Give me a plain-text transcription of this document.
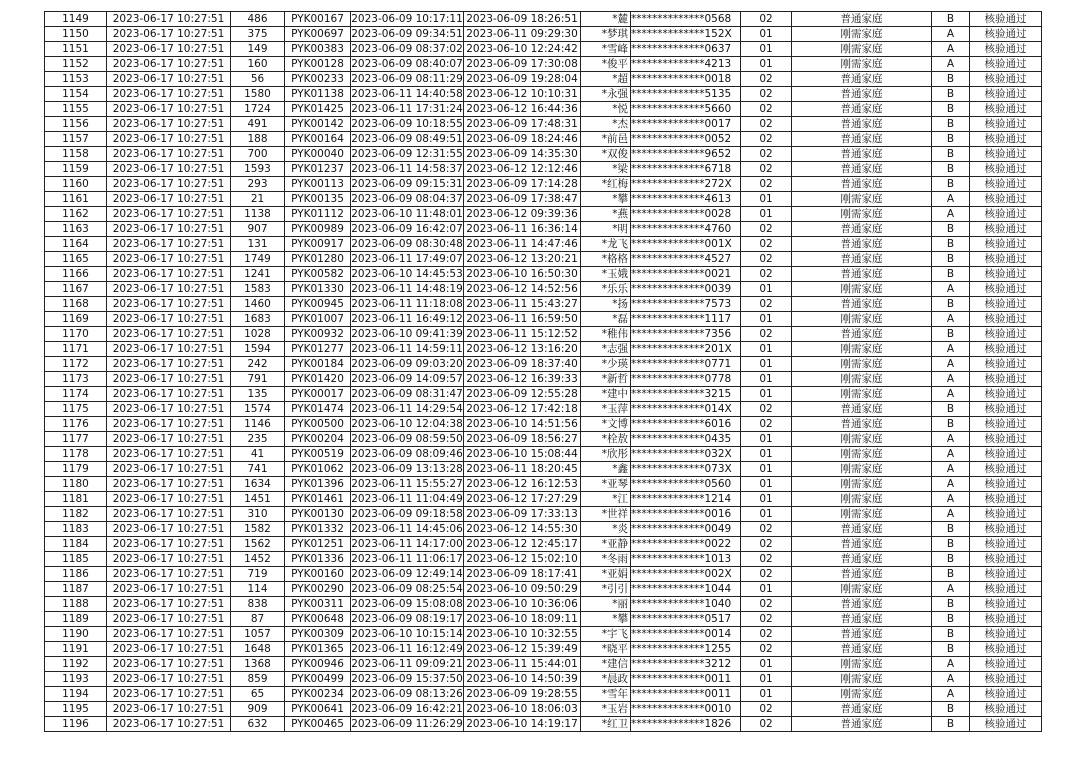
1149	2023-06-17 10:27:51	486	PYK00167	2023-06-09 10:17:11	2023-06-09 18:26:51	*麓	**************0568	02	普通家庭	B	核验通过
1150	2023-06-17 10:27:51	375	PYK00697	2023-06-09 09:34:51	2023-06-11 09:29:30	*梦琪	**************152X	01	刚需家庭	A	核验通过
1151	2023-06-17 10:27:51	149	PYK00383	2023-06-09 08:37:02	2023-06-10 12:24:42	*雪峰	**************0637	01	刚需家庭	A	核验通过
1152	2023-06-17 10:27:51	160	PYK00128	2023-06-09 08:40:07	2023-06-09 17:30:08	*俊平	**************4213	01	刚需家庭	A	核验通过
1153	2023-06-17 10:27:51	56	PYK00233	2023-06-09 08:11:29	2023-06-09 19:28:04	*超	**************0018	02	普通家庭	B	核验通过
1154	2023-06-17 10:27:51	1580	PYK01138	2023-06-11 14:40:58	2023-06-12 10:10:31	*永强	**************5135	02	普通家庭	B	核验通过
1155	2023-06-17 10:27:51	1724	PYK01425	2023-06-11 17:31:24	2023-06-12 16:44:36	*悦	**************5660	02	普通家庭	B	核验通过
1156	2023-06-17 10:27:51	491	PYK00142	2023-06-09 10:18:55	2023-06-09 17:48:31	*杰	**************0017	02	普通家庭	B	核验通过
1157	2023-06-17 10:27:51	188	PYK00164	2023-06-09 08:49:51	2023-06-09 18:24:46	*前邑	**************0052	02	普通家庭	B	核验通过
1158	2023-06-17 10:27:51	700	PYK00040	2023-06-09 12:31:55	2023-06-09 14:35:30	*双俊	**************9652	02	普通家庭	B	核验通过
1159	2023-06-17 10:27:51	1593	PYK01237	2023-06-11 14:58:37	2023-06-12 12:12:46	*梁	**************6718	02	普通家庭	B	核验通过
1160	2023-06-17 10:27:51	293	PYK00113	2023-06-09 09:15:31	2023-06-09 17:14:28	*红梅	**************272X	02	普通家庭	B	核验通过
1161	2023-06-17 10:27:51	21	PYK00135	2023-06-09 08:04:37	2023-06-09 17:38:47	*攀	**************4613	01	刚需家庭	A	核验通过
1162	2023-06-17 10:27:51	1138	PYK01112	2023-06-10 11:48:01	2023-06-12 09:39:36	*燕	**************0028	01	刚需家庭	A	核验通过
1163	2023-06-17 10:27:51	907	PYK00989	2023-06-09 16:42:07	2023-06-11 16:36:14	*明	**************4760	02	普通家庭	B	核验通过
1164	2023-06-17 10:27:51	131	PYK00917	2023-06-09 08:30:48	2023-06-11 14:47:46	*龙飞	**************001X	02	普通家庭	B	核验通过
1165	2023-06-17 10:27:51	1749	PYK01280	2023-06-11 17:49:07	2023-06-12 13:20:21	*格格	**************4527	02	普通家庭	B	核验通过
1166	2023-06-17 10:27:51	1241	PYK00582	2023-06-10 14:45:53	2023-06-10 16:50:30	*玉娥	**************0021	02	普通家庭	B	核验通过
1167	2023-06-17 10:27:51	1583	PYK01330	2023-06-11 14:48:19	2023-06-12 14:52:56	*乐乐	**************0039	01	刚需家庭	A	核验通过
1168	2023-06-17 10:27:51	1460	PYK00945	2023-06-11 11:18:08	2023-06-11 15:43:27	*扬	**************7573	02	普通家庭	B	核验通过
1169	2023-06-17 10:27:51	1683	PYK01007	2023-06-11 16:49:12	2023-06-11 16:59:50	*磊	**************1117	01	刚需家庭	A	核验通过
1170	2023-06-17 10:27:51	1028	PYK00932	2023-06-10 09:41:39	2023-06-11 15:12:52	*稚伟	**************7356	02	普通家庭	B	核验通过
1171	2023-06-17 10:27:51	1594	PYK01277	2023-06-11 14:59:11	2023-06-12 13:16:20	*志强	**************201X	01	刚需家庭	A	核验通过
1172	2023-06-17 10:27:51	242	PYK00184	2023-06-09 09:03:20	2023-06-09 18:37:40	*少瑛	**************0771	01	刚需家庭	A	核验通过
1173	2023-06-17 10:27:51	791	PYK01420	2023-06-09 14:09:57	2023-06-12 16:39:33	*新哲	**************0778	01	刚需家庭	A	核验通过
1174	2023-06-17 10:27:51	135	PYK00017	2023-06-09 08:31:47	2023-06-09 12:55:28	*建中	**************3215	01	刚需家庭	A	核验通过
1175	2023-06-17 10:27:51	1574	PYK01474	2023-06-11 14:29:54	2023-06-12 17:42:18	*玉萍	**************014X	02	普通家庭	B	核验通过
1176	2023-06-17 10:27:51	1146	PYK00500	2023-06-10 12:04:38	2023-06-10 14:51:56	*文博	**************6016	02	普通家庭	B	核验通过
1177	2023-06-17 10:27:51	235	PYK00204	2023-06-09 08:59:50	2023-06-09 18:56:27	*栓敖	**************0435	01	刚需家庭	A	核验通过
1178	2023-06-17 10:27:51	41	PYK00519	2023-06-09 08:09:46	2023-06-10 15:08:44	*欣彤	**************032X	01	刚需家庭	A	核验通过
1179	2023-06-17 10:27:51	741	PYK01062	2023-06-09 13:13:28	2023-06-11 18:20:45	*鑫	**************073X	01	刚需家庭	A	核验通过
1180	2023-06-17 10:27:51	1634	PYK01396	2023-06-11 15:55:27	2023-06-12 16:12:53	*亚琴	**************0560	01	刚需家庭	A	核验通过
1181	2023-06-17 10:27:51	1451	PYK01461	2023-06-11 11:04:49	2023-06-12 17:27:29	*江	**************1214	01	刚需家庭	A	核验通过
1182	2023-06-17 10:27:51	310	PYK00130	2023-06-09 09:18:58	2023-06-09 17:33:13	*世祥	**************0016	01	刚需家庭	A	核验通过
1183	2023-06-17 10:27:51	1582	PYK01332	2023-06-11 14:45:06	2023-06-12 14:55:30	*炎	**************0049	02	普通家庭	B	核验通过
1184	2023-06-17 10:27:51	1562	PYK01251	2023-06-11 14:17:00	2023-06-12 12:45:17	*亚静	**************0022	02	普通家庭	B	核验通过
1185	2023-06-17 10:27:51	1452	PYK01336	2023-06-11 11:06:17	2023-06-12 15:02:10	*冬雨	**************1013	02	普通家庭	B	核验通过
1186	2023-06-17 10:27:51	719	PYK00160	2023-06-09 12:49:14	2023-06-09 18:17:41	*亚娟	**************002X	02	普通家庭	B	核验通过
1187	2023-06-17 10:27:51	114	PYK00290	2023-06-09 08:25:54	2023-06-10 09:50:29	*引引	**************1044	01	刚需家庭	A	核验通过
1188	2023-06-17 10:27:51	838	PYK00311	2023-06-09 15:08:08	2023-06-10 10:36:06	*丽	**************1040	02	普通家庭	B	核验通过
1189	2023-06-17 10:27:51	87	PYK00648	2023-06-09 08:19:17	2023-06-10 18:09:11	*攀	**************0517	02	普通家庭	B	核验通过
1190	2023-06-17 10:27:51	1057	PYK00309	2023-06-10 10:15:14	2023-06-10 10:32:55	*宇飞	**************0014	02	普通家庭	B	核验通过
1191	2023-06-17 10:27:51	1648	PYK01365	2023-06-11 16:12:49	2023-06-12 15:39:49	*晓平	**************1255	02	普通家庭	B	核验通过
1192	2023-06-17 10:27:51	1368	PYK00946	2023-06-11 09:09:21	2023-06-11 15:44:01	*建信	**************3212	01	刚需家庭	A	核验通过
1193	2023-06-17 10:27:51	859	PYK00499	2023-06-09 15:37:50	2023-06-10 14:50:39	*晨政	**************0011	01	刚需家庭	A	核验通过
1194	2023-06-17 10:27:51	65	PYK00234	2023-06-09 08:13:26	2023-06-09 19:28:55	*雪年	**************0011	01	刚需家庭	A	核验通过
1195	2023-06-17 10:27:51	909	PYK00641	2023-06-09 16:42:21	2023-06-10 18:06:03	*玉岩	**************0010	02	普通家庭	B	核验通过
1196	2023-06-17 10:27:51	632	PYK00465	2023-06-09 11:26:29	2023-06-10 14:19:17	*红卫	**************1826	02	普通家庭	B	核验通过
